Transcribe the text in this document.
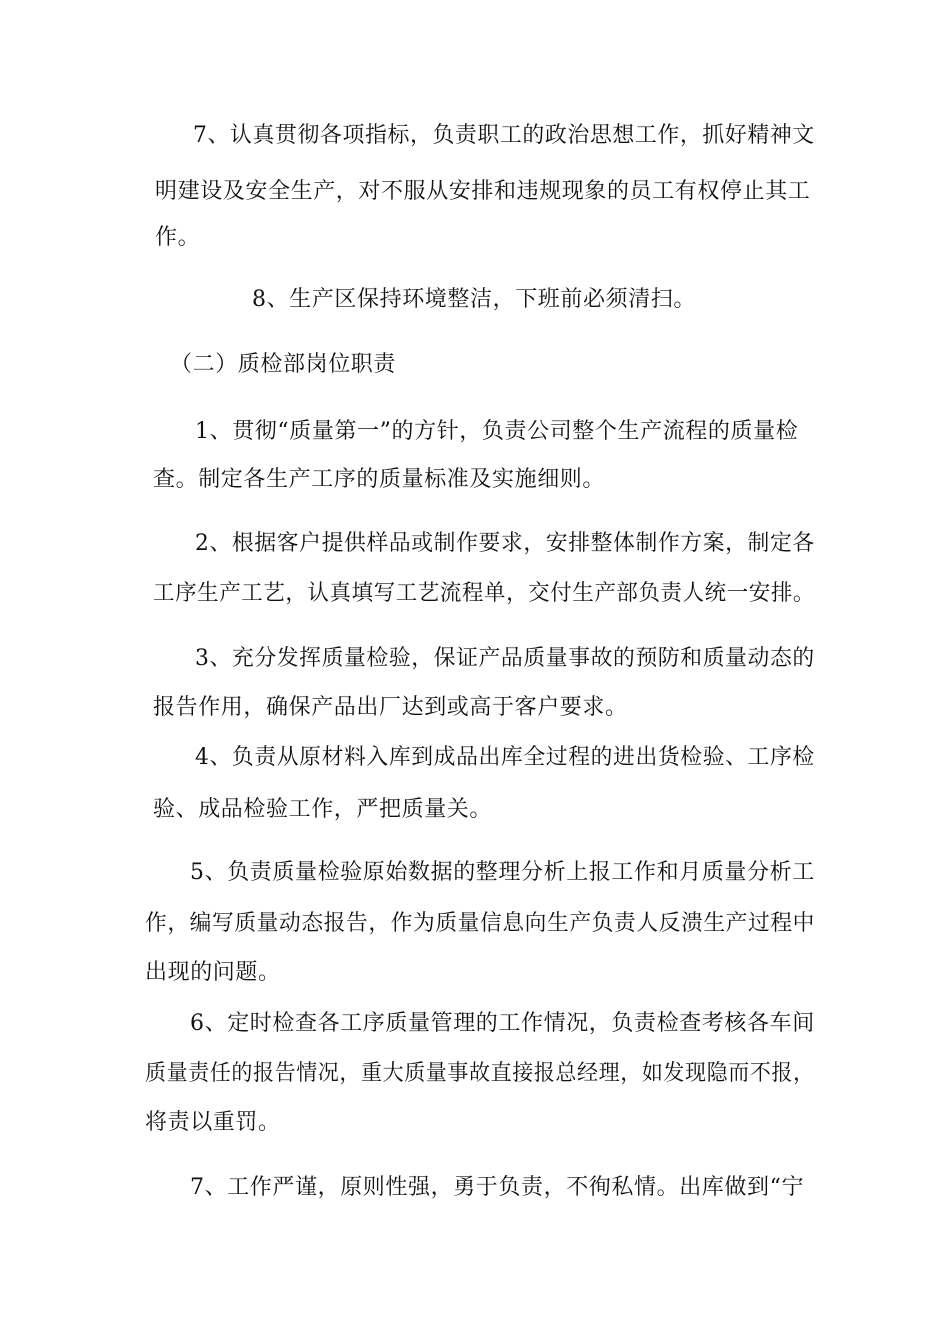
7、认真贯彻各项指标，负责职工的政治思想工作，抓好精神文
明建设及安全生产，对不服从安排和违规现象的员工有权停止其工
作。
8、生产区保持环境整洁，下班前必须清扫。
（二）质检部岗位职责
1、贯彻“质量第一”的方针，负责公司整个生产流程的质量检
查。制定各生产工序的质量标准及实施细则。
2、根据客户提供样品或制作要求，安排整体制作方案，制定各
工序生产工艺，认真填写工艺流程单，交付生产部负责人统一安排。
3、充分发挥质量检验，保证产品质量事故的预防和质量动态的
报告作用，确保产品出厂达到或高于客户要求。
4、负责从原材料入库到成品出库全过程的进出货检验、工序检
验、成品检验工作，严把质量关。
5、负责质量检验原始数据的整理分析上报工作和月质量分析工
作，编写质量动态报告，作为质量信息向生产负责人反溃生产过程中
出现的问题。
6、定时检查各工序质量管理的工作情况，负责检查考核各车间
质量责任的报告情况，重大质量事故直接报总经理，如发现隐而不报，
将责以重罚。
7、工作严谨，原则性强，勇于负责，不徇私情。出库做到“宁
